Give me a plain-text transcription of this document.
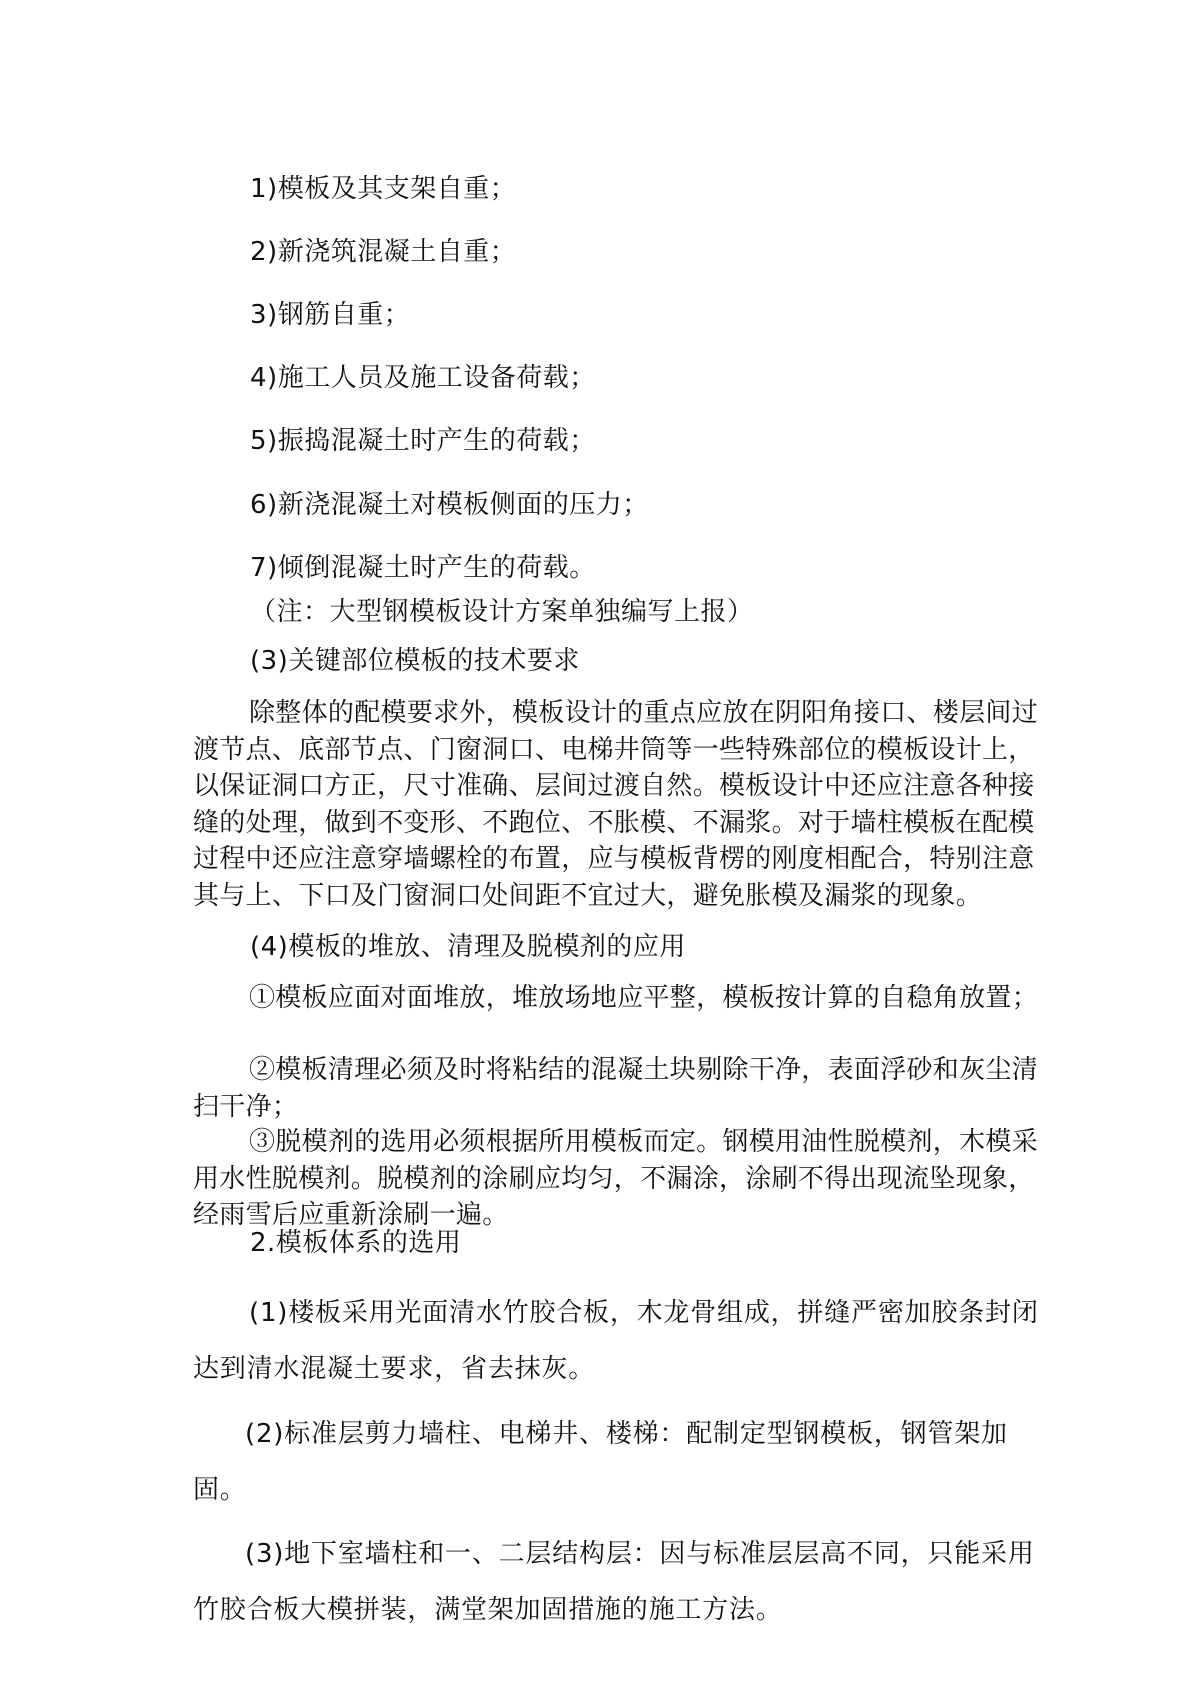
1)模板及其支架自重；
2)新浇筑混凝土自重；
3)钢筋自重；
4)施工人员及施工设备荷载；
5)振捣混凝土时产生的荷载；
6)新浇混凝土对模板侧面的压力；
7)倾倒混凝土时产生的荷载。
（注：大型钢模板设计方案单独编写上报）
(3)关键部位模板的技术要求
除整体的配模要求外，模板设计的重点应放在阴阳角接口、楼层间过渡节点、底部节点、门窗洞口、电梯井筒等一些特殊部位的模板设计上，以保证洞口方正，尺寸准确、层间过渡自然。模板设计中还应注意各种接缝的处理，做到不变形、不跑位、不胀模、不漏浆。对于墙柱模板在配模过程中还应注意穿墙螺栓的布置，应与模板背楞的刚度相配合，特别注意其与上、下口及门窗洞口处间距不宜过大，避免胀模及漏浆的现象。
(4)模板的堆放、清理及脱模剂的应用
①模板应面对面堆放，堆放场地应平整，模板按计算的自稳角放置；
②模板清理必须及时将粘结的混凝土块剔除干净，表面浮砂和灰尘清扫干净；
③脱模剂的选用必须根据所用模板而定。钢模用油性脱模剂，木模采用水性脱模剂。脱模剂的涂刷应均匀，不漏涂，涂刷不得出现流坠现象，经雨雪后应重新涂刷一遍。
2.模板体系的选用
(1)楼板采用光面清水竹胶合板，木龙骨组成，拼缝严密加胶条封闭达到清水混凝土要求，省去抹灰。
(2)标准层剪力墙柱、电梯井、楼梯：配制定型钢模板，钢管架加固。
(3)地下室墙柱和一、二层结构层：因与标准层层高不同，只能采用竹胶合板大模拼装，满堂架加固措施的施工方法。
